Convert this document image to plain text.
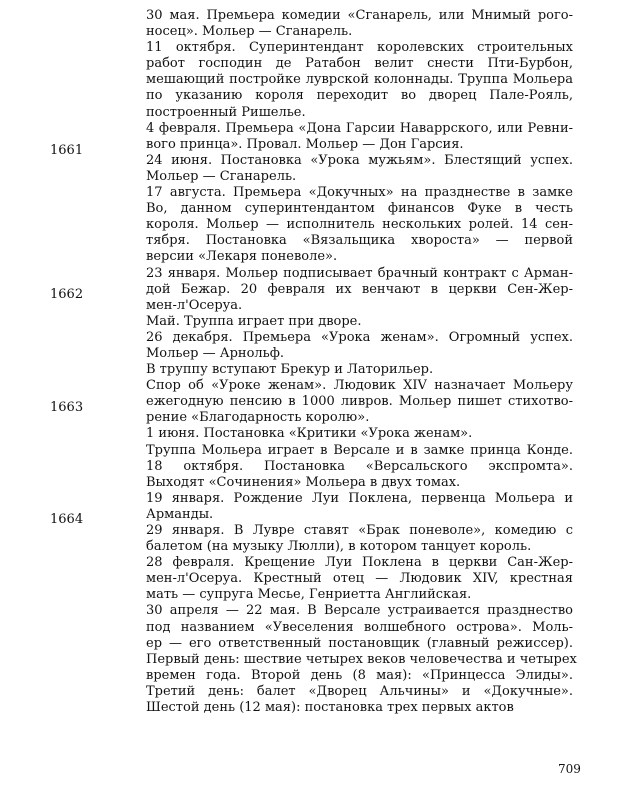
1661
1662
1663
1664
30 мая. Премьера комедии «Сганарель, или Мнимый рого-
носец». Мольер — Сганарель.
11 октября. Суперинтендант королевских строительных
работ господин де Ратабон велит снести Пти-Бурбон,
мешающий постройке луврской колоннады. Труппа Мольера
по указанию короля переходит во дворец Пале-Рояль,
построенный Ришелье.
4 февраля. Премьера «Дона Гарсии Наваррского, или Ревни-
вого принца». Провал. Мольер — Дон Гарсия.
24 июня. Постановка «Урока мужьям». Блестящий успех.
Мольер — Сганарель.
17 августа. Премьера «Докучных» на празднестве в замке
Во, данном суперинтендантом финансов Фуке в честь
короля. Мольер — исполнитель нескольких ролей. 14 сен-
тября. Постановка «Вязальщика хвороста» — первой
версии «Лекаря поневоле».
23 января. Мольер подписывает брачный контракт с Арман-
дой Бежар. 20 февраля их венчают в церкви Сен-Жер-
мен-л'Осеруа.
Май. Труппа играет при дворе.
26 декабря. Премьера «Урока женам». Огромный успех.
Мольер — Арнольф.
В труппу вступают Брекур и Латорильер.
Спор об «Уроке женам». Людовик XIV назначает Мольеру
ежегодную пенсию в 1000 ливров. Мольер пишет стихотво-
рение «Благодарность королю».
1 июня. Постановка «Критики «Урока женам».
Труппа Мольера играет в Версале и в замке принца Конде.
18 октября. Постановка «Версальского экспромта».
Выходят «Сочинения» Мольера в двух томах.
19 января. Рождение Луи Поклена, первенца Мольера и
Арманды.
29 января. В Лувре ставят «Брак поневоле», комедию с
балетом (на музыку Люлли), в котором танцует король.
28 февраля. Крещение Луи Поклена в церкви Сан-Жер-
мен-л'Осеруа. Крестный отец — Людовик XIV, крестная
мать — супруга Месье, Генриетта Английская.
30 апреля — 22 мая. В Версале устраивается празднество
под названием «Увеселения волшебного острова». Моль-
ер — его ответственный постановщик (главный режиссер).
Первый день: шествие четырех веков человечества и четырех
времен года. Второй день (8 мая): «Принцесса Элиды».
Третий день: балет «Дворец Альчины» и «Докучные».
Шестой день (12 мая): постановка трех первых актов
709
